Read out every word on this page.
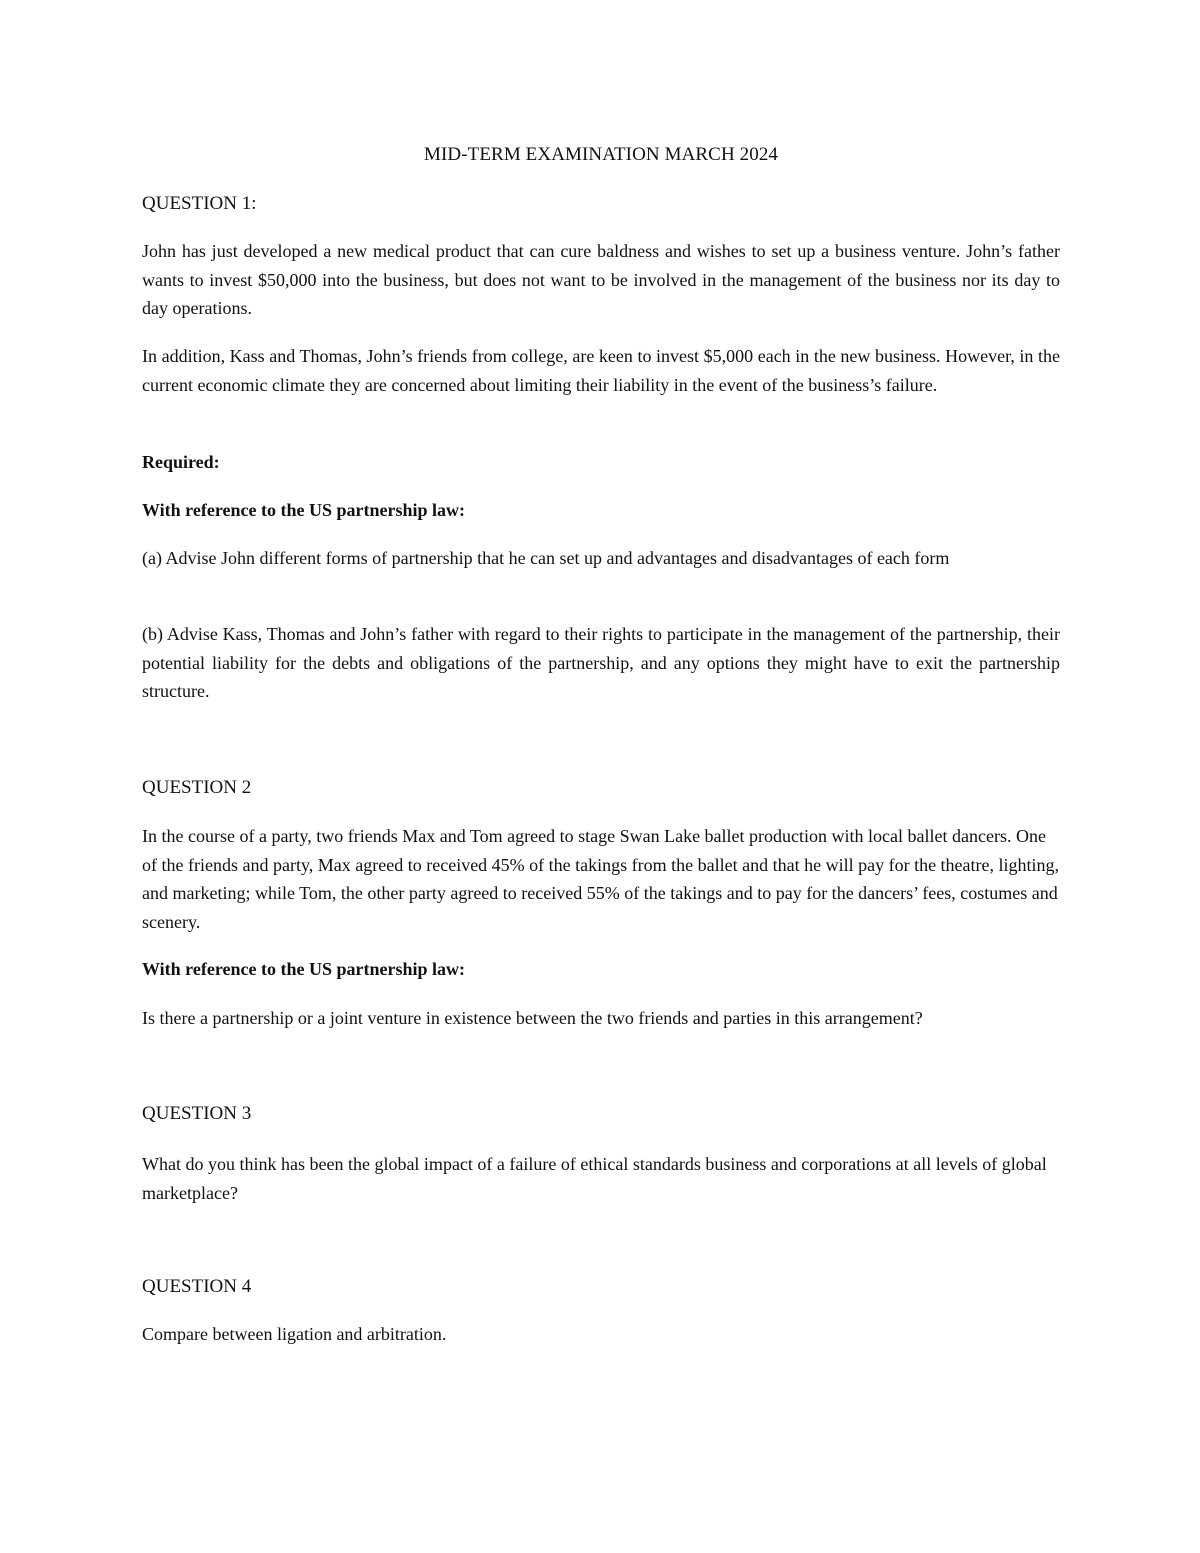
MID-TERM EXAMINATION MARCH 2024
QUESTION 1:

John has just developed a new medical product that can cure baldness and wishes to set up a business venture. John’s father wants to invest $50,000 into the business, but does not want to be involved in the management of the business nor its day to day operations.

In addition, Kass and Thomas, John’s friends from college, are keen to invest $5,000 each in the new business. However, in the current economic climate they are concerned about limiting their liability in the event of the business’s failure.

Required:
With reference to the US partnership law:

(a) Advise John different forms of partnership that he can set up and advantages and disadvantages of each form

(b) Advise Kass, Thomas and John’s father with regard to their rights to participate in the management of the partnership, their potential liability for the debts and obligations of the partnership, and any options they might have to exit the partnership structure.

QUESTION 2

In the course of a party, two friends Max and Tom agreed to stage Swan Lake ballet production with local ballet dancers. One of the friends and party, Max agreed to received 45% of the takings from the ballet and that he will pay for the theatre, lighting, and marketing; while Tom, the other party agreed to received 55% of the takings and to pay for the dancers’ fees, costumes and scenery.

With reference to the US partnership law:

Is there a partnership or a joint venture in existence between the two friends and parties in this arrangement?

QUESTION 3

What do you think has been the global impact of a failure of ethical standards business and corporations at all levels of global marketplace?

QUESTION 4

Compare between ligation and arbitration.
